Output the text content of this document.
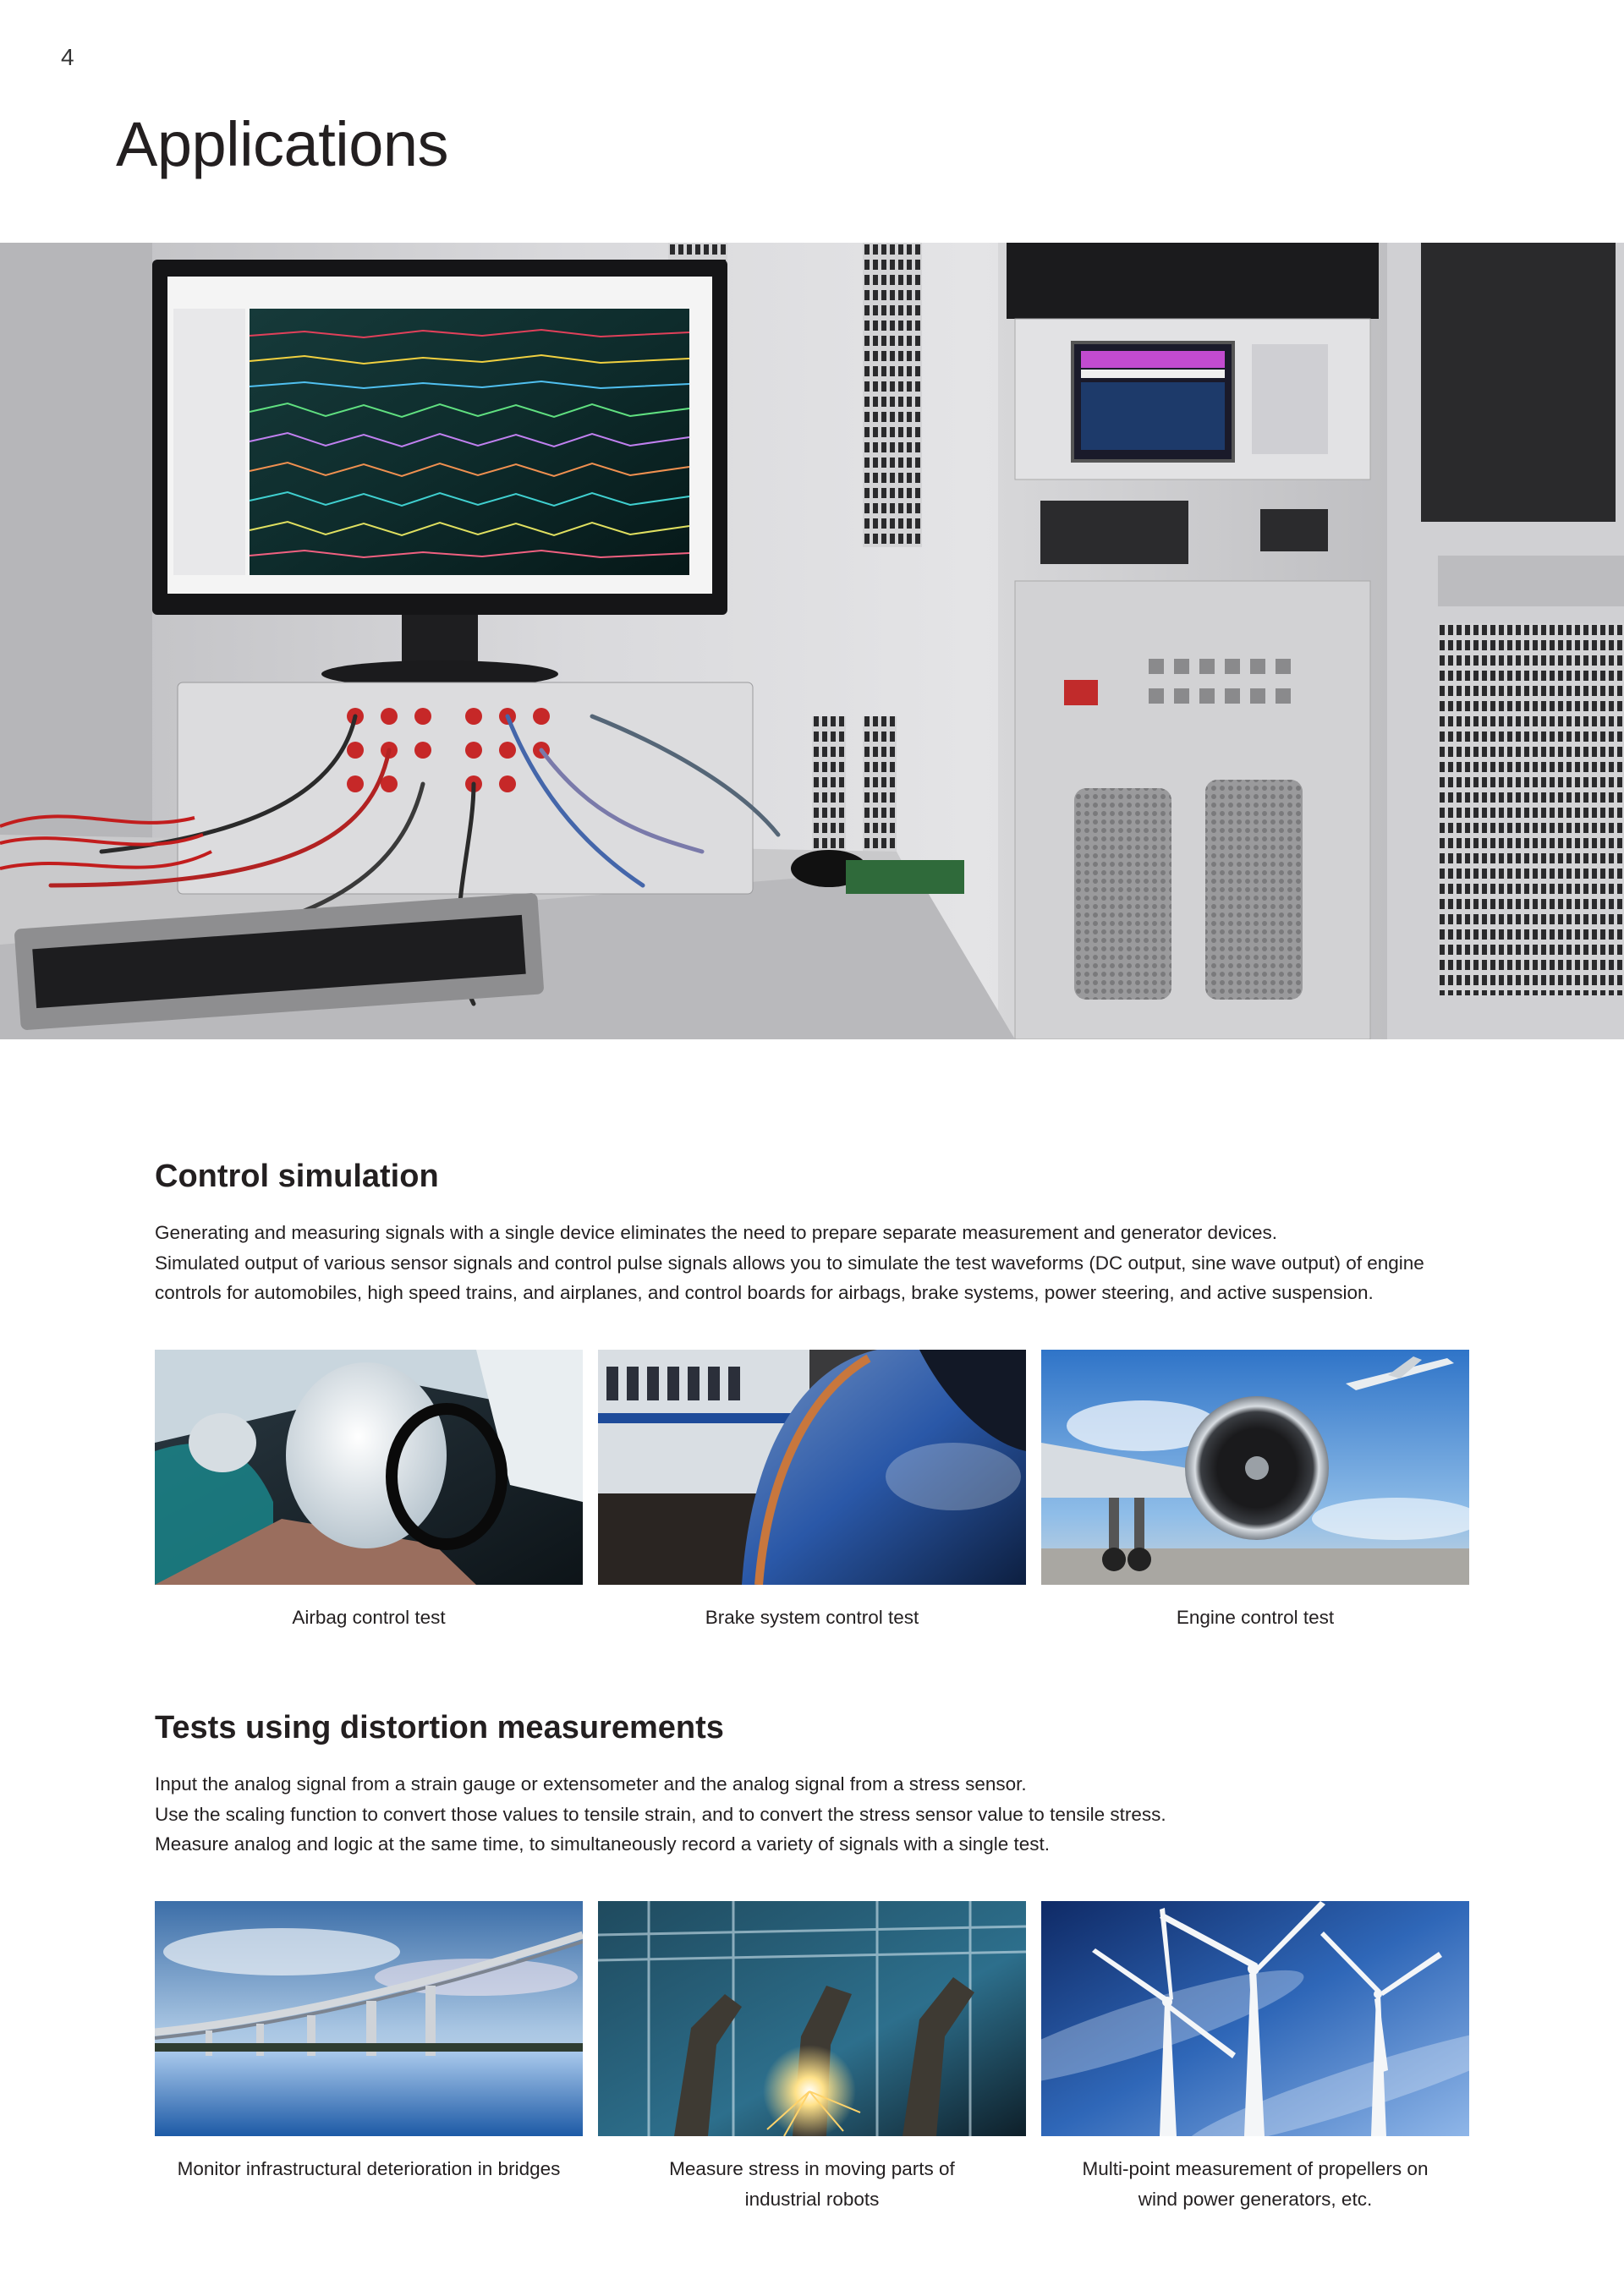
4
Applications
Control simulation

Generating and measuring signals with a single device eliminates the need to prepare separate measurement and generator devices.

Simulated output of various sensor signals and control pulse signals allows you to simulate the test waveforms (DC output, sine wave output) of engine

controls for automobiles, high speed trains, and airplanes, and control boards for airbags, brake systems, power steering, and active suspension.

Airbag control test	Brake system control test	Engine control test
Tests using distortion measurements

Input the analog signal from a strain gauge or extensometer and the analog signal from a stress sensor.

Use the scaling function to convert those values to tensile strain, and to convert the stress sensor value to tensile stress.

Measure analog and logic at the same time, to simultaneously record a variety of signals with a single test.

Monitor infrastructural deterioration in bridges	Measure stress in moving parts of
industrial robots
Multi-point measurement of propellers on
wind power generators, etc.
